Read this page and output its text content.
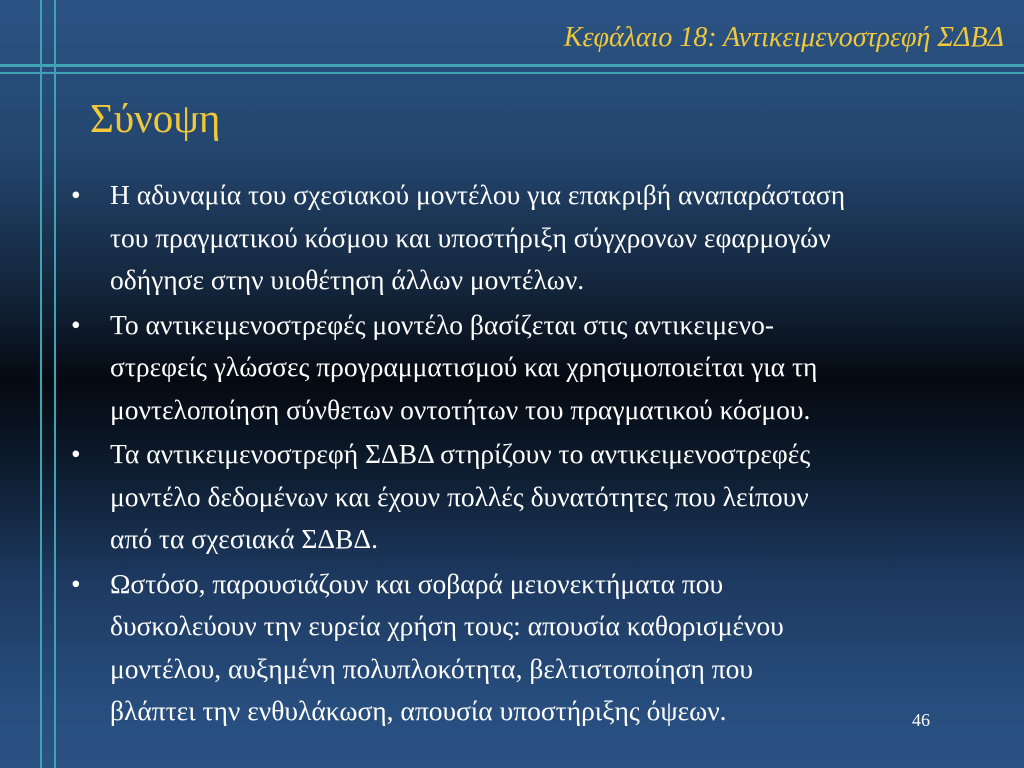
Κεφάλαιο 18: Αντικειμενοστρεφή ΣΔΒΔ
Σύνοψη
• Η αδυναμία του σχεσιακού μοντέλου για επακριβή αναπαράσταση
του πραγματικού κόσμου και υποστήριξη σύγχρονων εφαρμογών
οδήγησε στην υιοθέτηση άλλων μοντέλων.
• Το αντικειμενοστρεφές μοντέλο βασίζεται στις αντικειμενο-
στρεφείς γλώσσες προγραμματισμού και χρησιμοποιείται για τη
μοντελοποίηση σύνθετων οντοτήτων του πραγματικού κόσμου.
• Τα αντικειμενοστρεφή ΣΔΒΔ στηρίζουν το αντικειμενοστρεφές
μοντέλο δεδομένων και έχουν πολλές δυνατότητες που λείπουν
από τα σχεσιακά ΣΔΒΔ.
• Ωστόσο, παρουσιάζουν και σοβαρά μειονεκτήματα που
δυσκολεύουν την ευρεία χρήση τους: απουσία καθορισμένου
μοντέλου, αυξημένη πολυπλοκότητα, βελτιστοποίηση που
βλάπτει την ενθυλάκωση, απουσία υποστήριξης όψεων.	46
